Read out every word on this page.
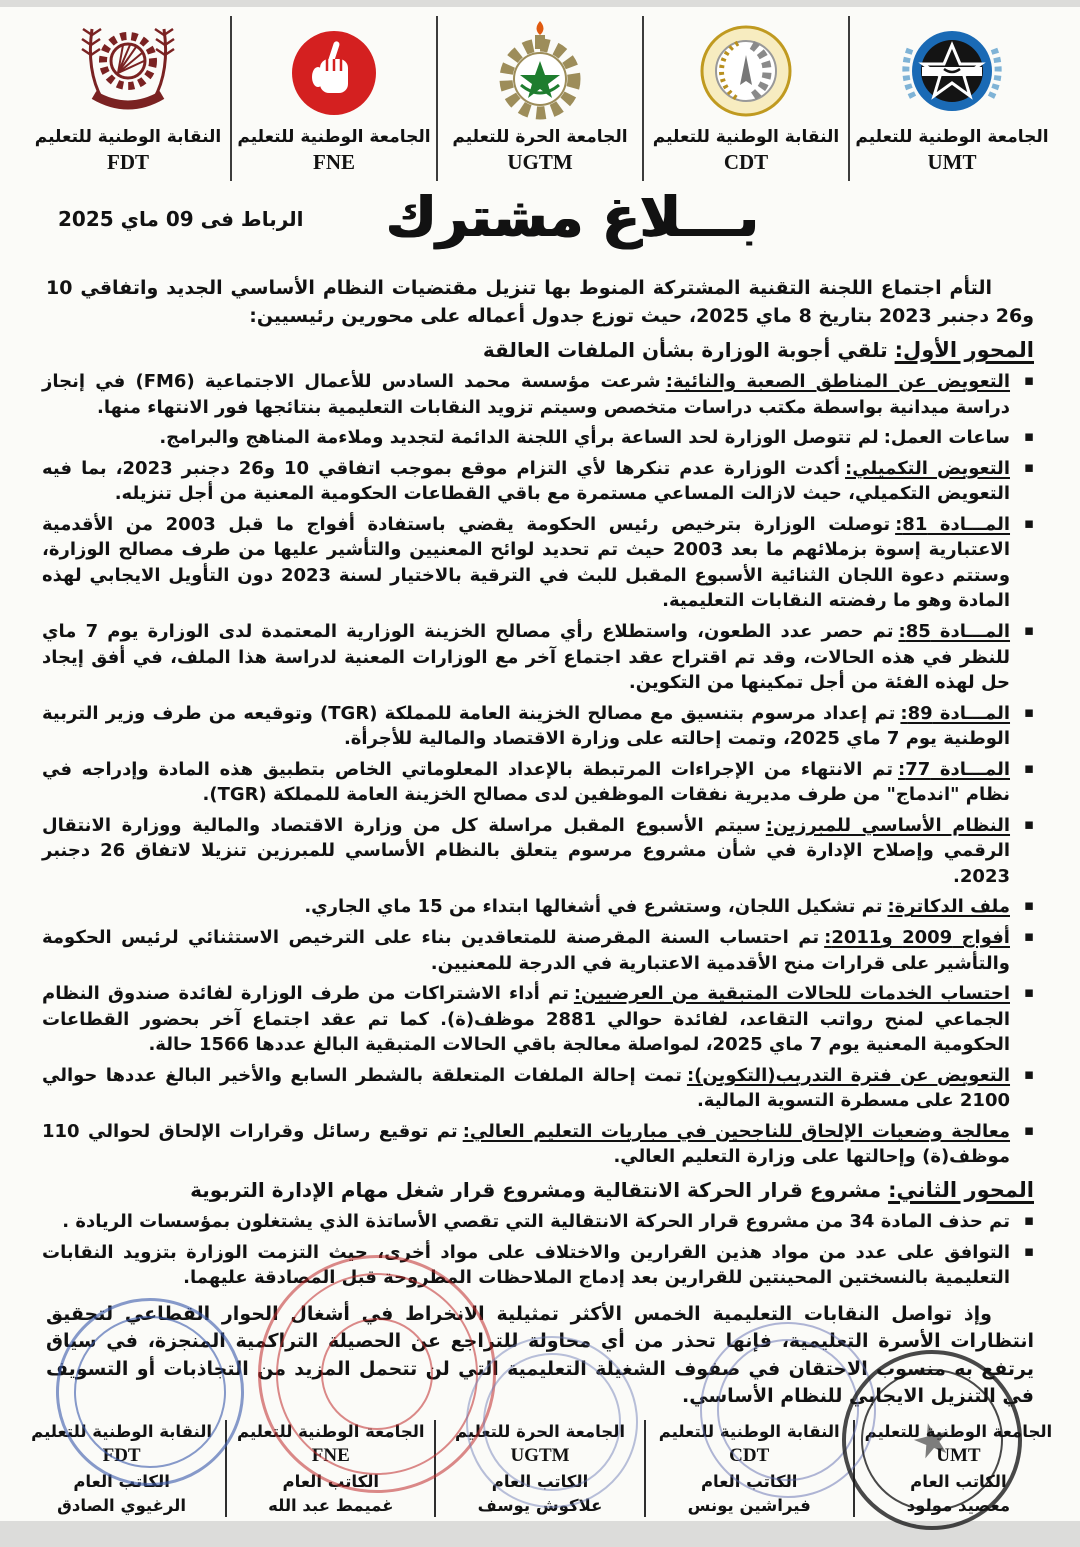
النقابة الوطنية للتعليم
FDT
الجامعة الوطنية للتعليم
FNE
الجامعة الحرة للتعليم
UGTM
النقابة الوطنية للتعليم
CDT
الجامعة الوطنية للتعليم
UMT
بـــلاغ مشترك
الرباط فى 09 ماي 2025

التأم اجتماع اللجنة التقنية المشتركة المنوط بها تنزيل مقتضيات النظام الأساسي الجديد واتفاقي 10 و26 دجنبر 2023 بتاريخ 8 ماي 2025، حيث توزع جدول أعماله على محورين رئيسيين:

المحور الأول: تلقي أجوبة الوزارة بشأن الملفات العالقة
▪ التعويض عن المناطق الصعبة والنائية:شرعت مؤسسة محمد السادس للأعمال الاجتماعية (FM6) في إنجاز دراسة ميدانية بواسطة مكتب دراسات متخصص وسيتم تزويد النقابات التعليمية بنتائجها فور الانتهاء منها.
▪ ساعات العمل:لم تتوصل الوزارة لحد الساعة برأي اللجنة الدائمة لتجديد وملاءمة المناهج والبرامج.
▪ التعويض التكميلي:أكدت الوزارة عدم تنكرها لأي التزام موقع بموجب اتفاقي 10 و26 دجنبر 2023، بما فيه التعويض التكميلي، حيث لازالت المساعي مستمرة مع باقي القطاعات الحكومية المعنية من أجل تنزيله.
▪ المـــادة 81:توصلت الوزارة بترخيص رئيس الحكومة يقضي باستفادة أفواج ما قبل 2003 من الأقدمية الاعتبارية إسوة بزملائهم ما بعد 2003 حيث تم تحديد لوائح المعنيين والتأشير عليها من طرف مصالح الوزارة، وستتم دعوة اللجان الثنائية الأسبوع المقبل للبث في الترقية بالاختيار لسنة 2023 دون التأويل الايجابي لهذه المادة وهو ما رفضته النقابات التعليمية.
▪ المـــادة 85:تم حصر عدد الطعون، واستطلاع رأي مصالح الخزينة الوزارية المعتمدة لدى الوزارة يوم 7 ماي للنظر في هذه الحالات، وقد تم اقتراح عقد اجتماع آخر مع الوزارات المعنية لدراسة هذا الملف، في أفق إيجاد حل لهذه الفئة من أجل تمكينها من التكوين.
▪ المـــادة 89:تم إعداد مرسوم بتنسيق مع مصالح الخزينة العامة للمملكة (TGR) وتوقيعه من طرف وزير التربية الوطنية يوم 7 ماي 2025، وتمت إحالته على وزارة الاقتصاد والمالية للأجرأة.
▪ المـــادة 77:تم الانتهاء من الإجراءات المرتبطة بالإعداد المعلوماتي الخاص بتطبيق هذه المادة وإدراجه في نظام "اندماج" من طرف مديرية نفقات الموظفين لدى مصالح الخزينة العامة للمملكة (TGR).
▪ النظام الأساسي للمبرزين:سيتم الأسبوع المقبل مراسلة كل من وزارة الاقتصاد والمالية ووزارة الانتقال الرقمي وإصلاح الإدارة في شأن مشروع مرسوم يتعلق بالنظام الأساسي للمبرزين تنزيلا لاتفاق 26 دجنبر 2023.
▪ ملف الدكاترة:تم تشكيل اللجان، وستشرع في أشغالها ابتداء من 15 ماي الجاري.
▪ أفواج 2009 و2011:تم احتساب السنة المقرصنة للمتعاقدين بناء على الترخيص الاستثنائي لرئيس الحكومة والتأشير على قرارات منح الأقدمية الاعتبارية في الدرجة للمعنيين.
▪ احتساب الخدمات للحالات المتبقية من العرضيين:تم أداء الاشتراكات من طرف الوزارة لفائدة صندوق النظام الجماعي لمنح رواتب التقاعد، لفائدة حوالي 2881 موظف(ة). كما تم عقد اجتماع آخر بحضور القطاعات الحكومية المعنية يوم 7 ماي 2025، لمواصلة معالجة باقي الحالات المتبقية البالغ عددها 1566 حالة.
▪ التعويض عن فترة التدريب(التكوين):تمت إحالة الملفات المتعلقة بالشطر السابع والأخير البالغ عددها حوالي 2100 على مسطرة التسوية المالية.
▪ معالجة وضعيات الإلحاق للناجحين في مباريات التعليم العالي:تم توقيع رسائل وقرارات الإلحاق لحوالي 110 موظف(ة) وإحالتها على وزارة التعليم العالي.
المحور الثاني: مشروع قرار الحركة الانتقالية ومشروع قرار شغل مهام الإدارة التربوية
▪ تم حذف المادة 34 من مشروع قرار الحركة الانتقالية التي تقصي الأساتذة الذي يشتغلون بمؤسسات الريادة .
▪ التوافق على عدد من مواد هذين القرارين والاختلاف على مواد أخرى، حيث التزمت الوزارة بتزويد النقابات التعليمية بالنسختين المحينتين للقرارين بعد إدماج الملاحظات المطروحة قبل المصادقة عليهما.

وإذ تواصل النقابات التعليمية الخمس الأكثر تمثيلية الانخراط في أشغال الحوار القطاعي لتحقيق انتظارات الأسرة التعليمية، فإنها تحذر من أي محاولة للتراجع عن الحصيلة التراكمية المنجزة، في سياق يرتفع به منسوب الاحتقان في صفوف الشغيلة التعليمية التي لن تتحمل المزيد من التجاذبات أو التسويف في التنزيل الايجابي للنظام الأساسي.

★
النقابة الوطنية للتعليم
FDT
الكاتب العام
الرغيوي الصادق
الجامعة الوطنية للتعليم
FNE
الكاتب العام
غميمط عبد الله
الجامعة الحرة للتعليم
UGTM
الكاتب العام
علاكوش يوسف
النقابة الوطنية للتعليم
CDT
الكاتب العام
فيراشين يونس
الجامعة الوطنية للتعليم
UMT
الكاتب العام
معصيد مولود
